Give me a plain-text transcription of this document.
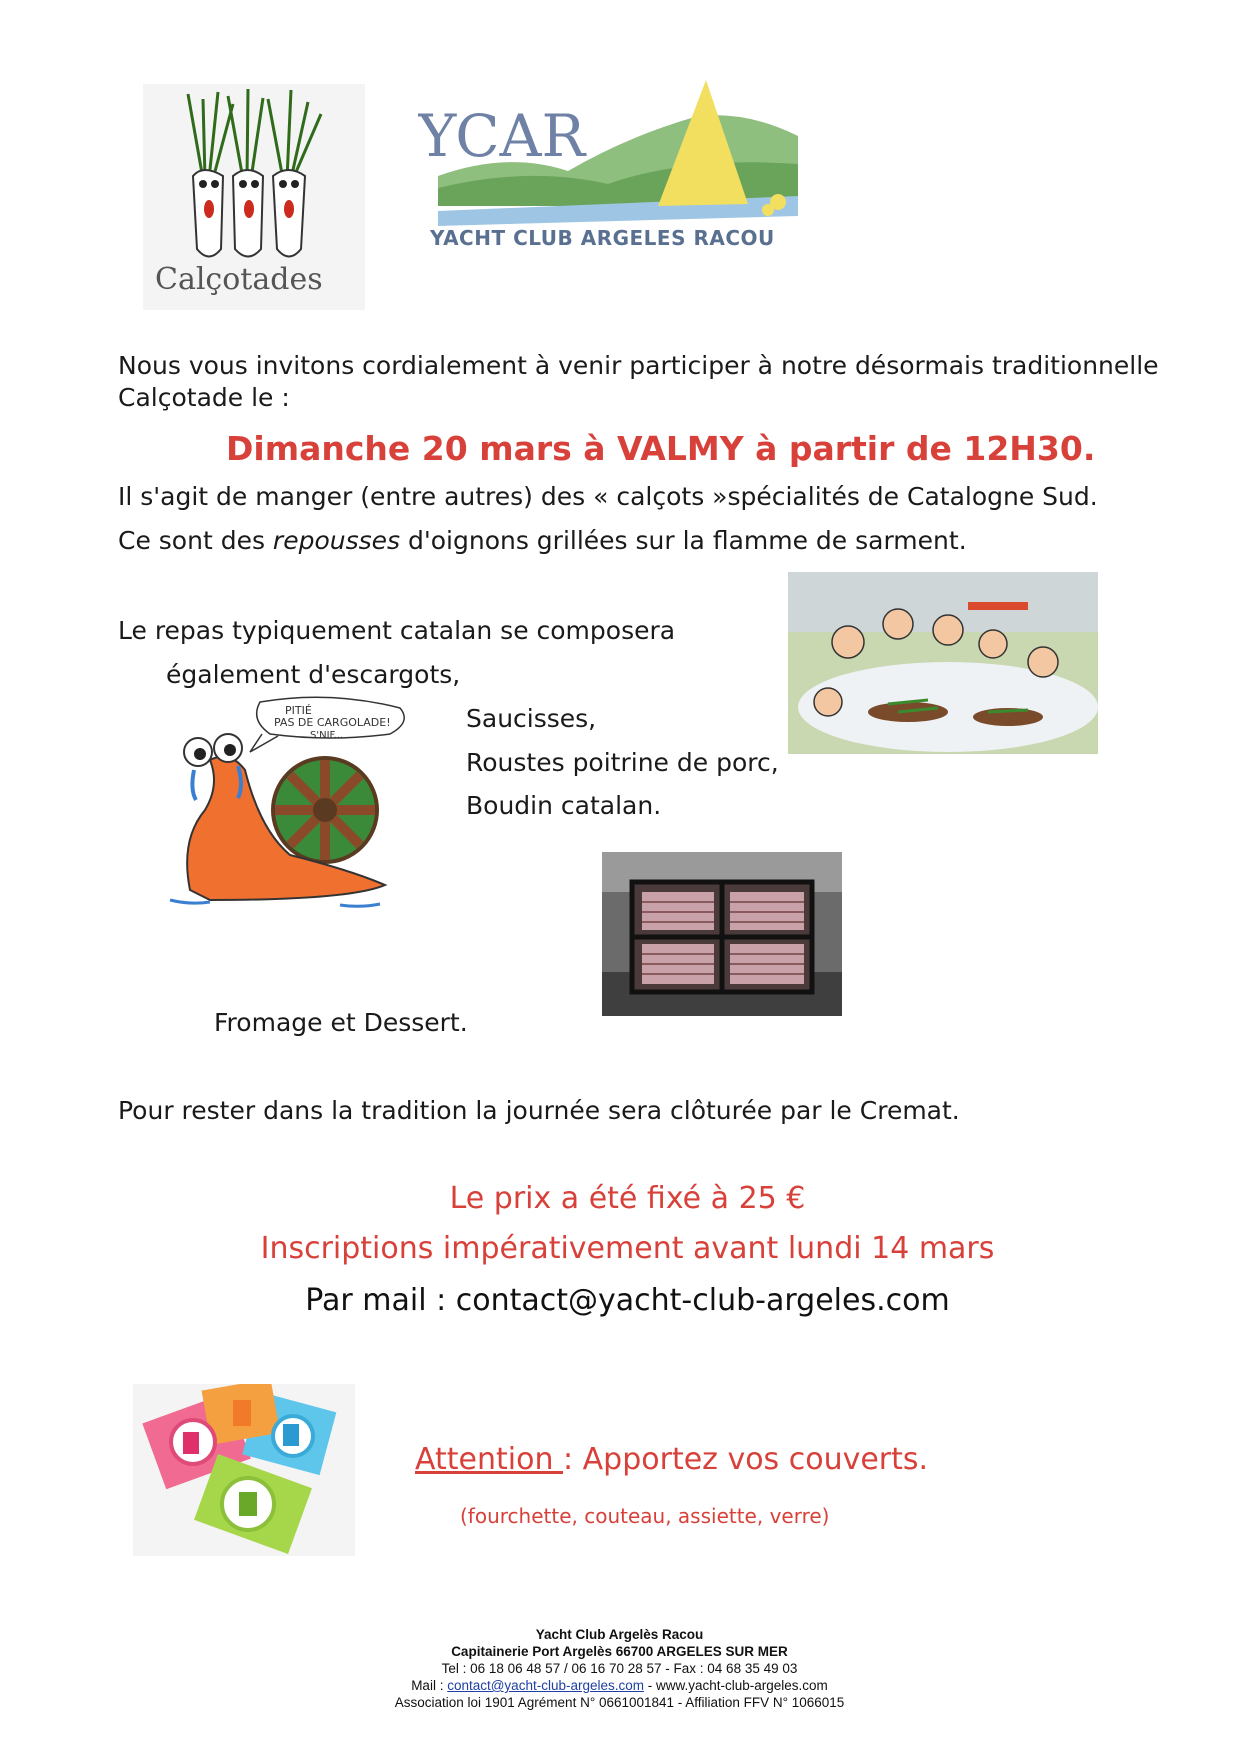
Calçotades
YCAR
YACHT CLUB ARGELES RACOU
Nous vous invitons cordialement à venir participer à notre désormais traditionnelle
Calçotade le :
Dimanche 20 mars à VALMY à partir de 12H30.
Il s'agit de manger (entre autres) des « calçots »spécialités de Catalogne Sud.
Ce sont des repousses d'oignons grillées sur la flamme de sarment.
Le repas typiquement catalan se composera
également d'escargots,
Saucisses,
Roustes poitrine de porc,
Boudin catalan.
PITIÉ
PAS DE CARGOLADE!
S'NIF...
Fromage et Dessert.
Pour rester dans la tradition la journée sera clôturée par le Cremat.
Le prix a été fixé à 25 €
Inscriptions impérativement avant lundi 14 mars
Par mail : contact@yacht-club-argeles.com
Attention : Apportez vos couverts.
(fourchette, couteau, assiette, verre)
Yacht Club Argelès Racou
Capitainerie Port Argelès 66700 ARGELES SUR MER
Tel : 06 18 06 48 57 / 06 16 70 28 57 - Fax : 04 68 35 49 03
Mail : contact@yacht-club-argeles.com - www.yacht-club-argeles.com
Association loi 1901 Agrément N° 0661001841 - Affiliation FFV N° 1066015
